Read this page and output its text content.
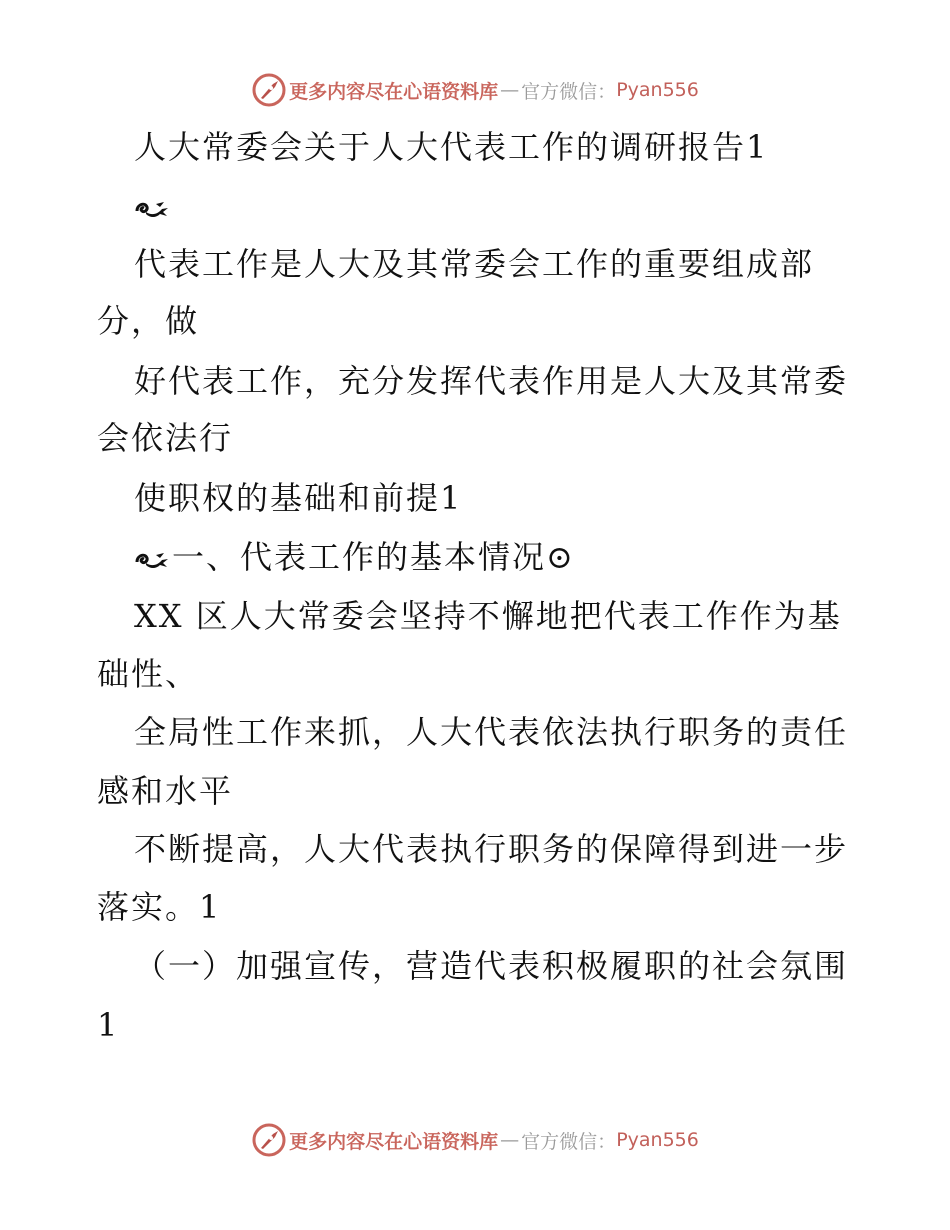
更多内容尽在心语资料库 — 官方微信： Pyan556
人大常委会关于人大代表工作的调研报告1
代表工作是人大及其常委会工作的重要组成部
分，做
好代表工作，充分发挥代表作用是人大及其常委
会依法行
使职权的基础和前提1
一、代表工作的基本情况⊙
XX 区人大常委会坚持不懈地把代表工作作为基
础性、
全局性工作来抓，人大代表依法执行职务的责任
感和水平
不断提高，人大代表执行职务的保障得到进一步
落实。1
（一）加强宣传，营造代表积极履职的社会氛围
1
更多内容尽在心语资料库 — 官方微信： Pyan556
